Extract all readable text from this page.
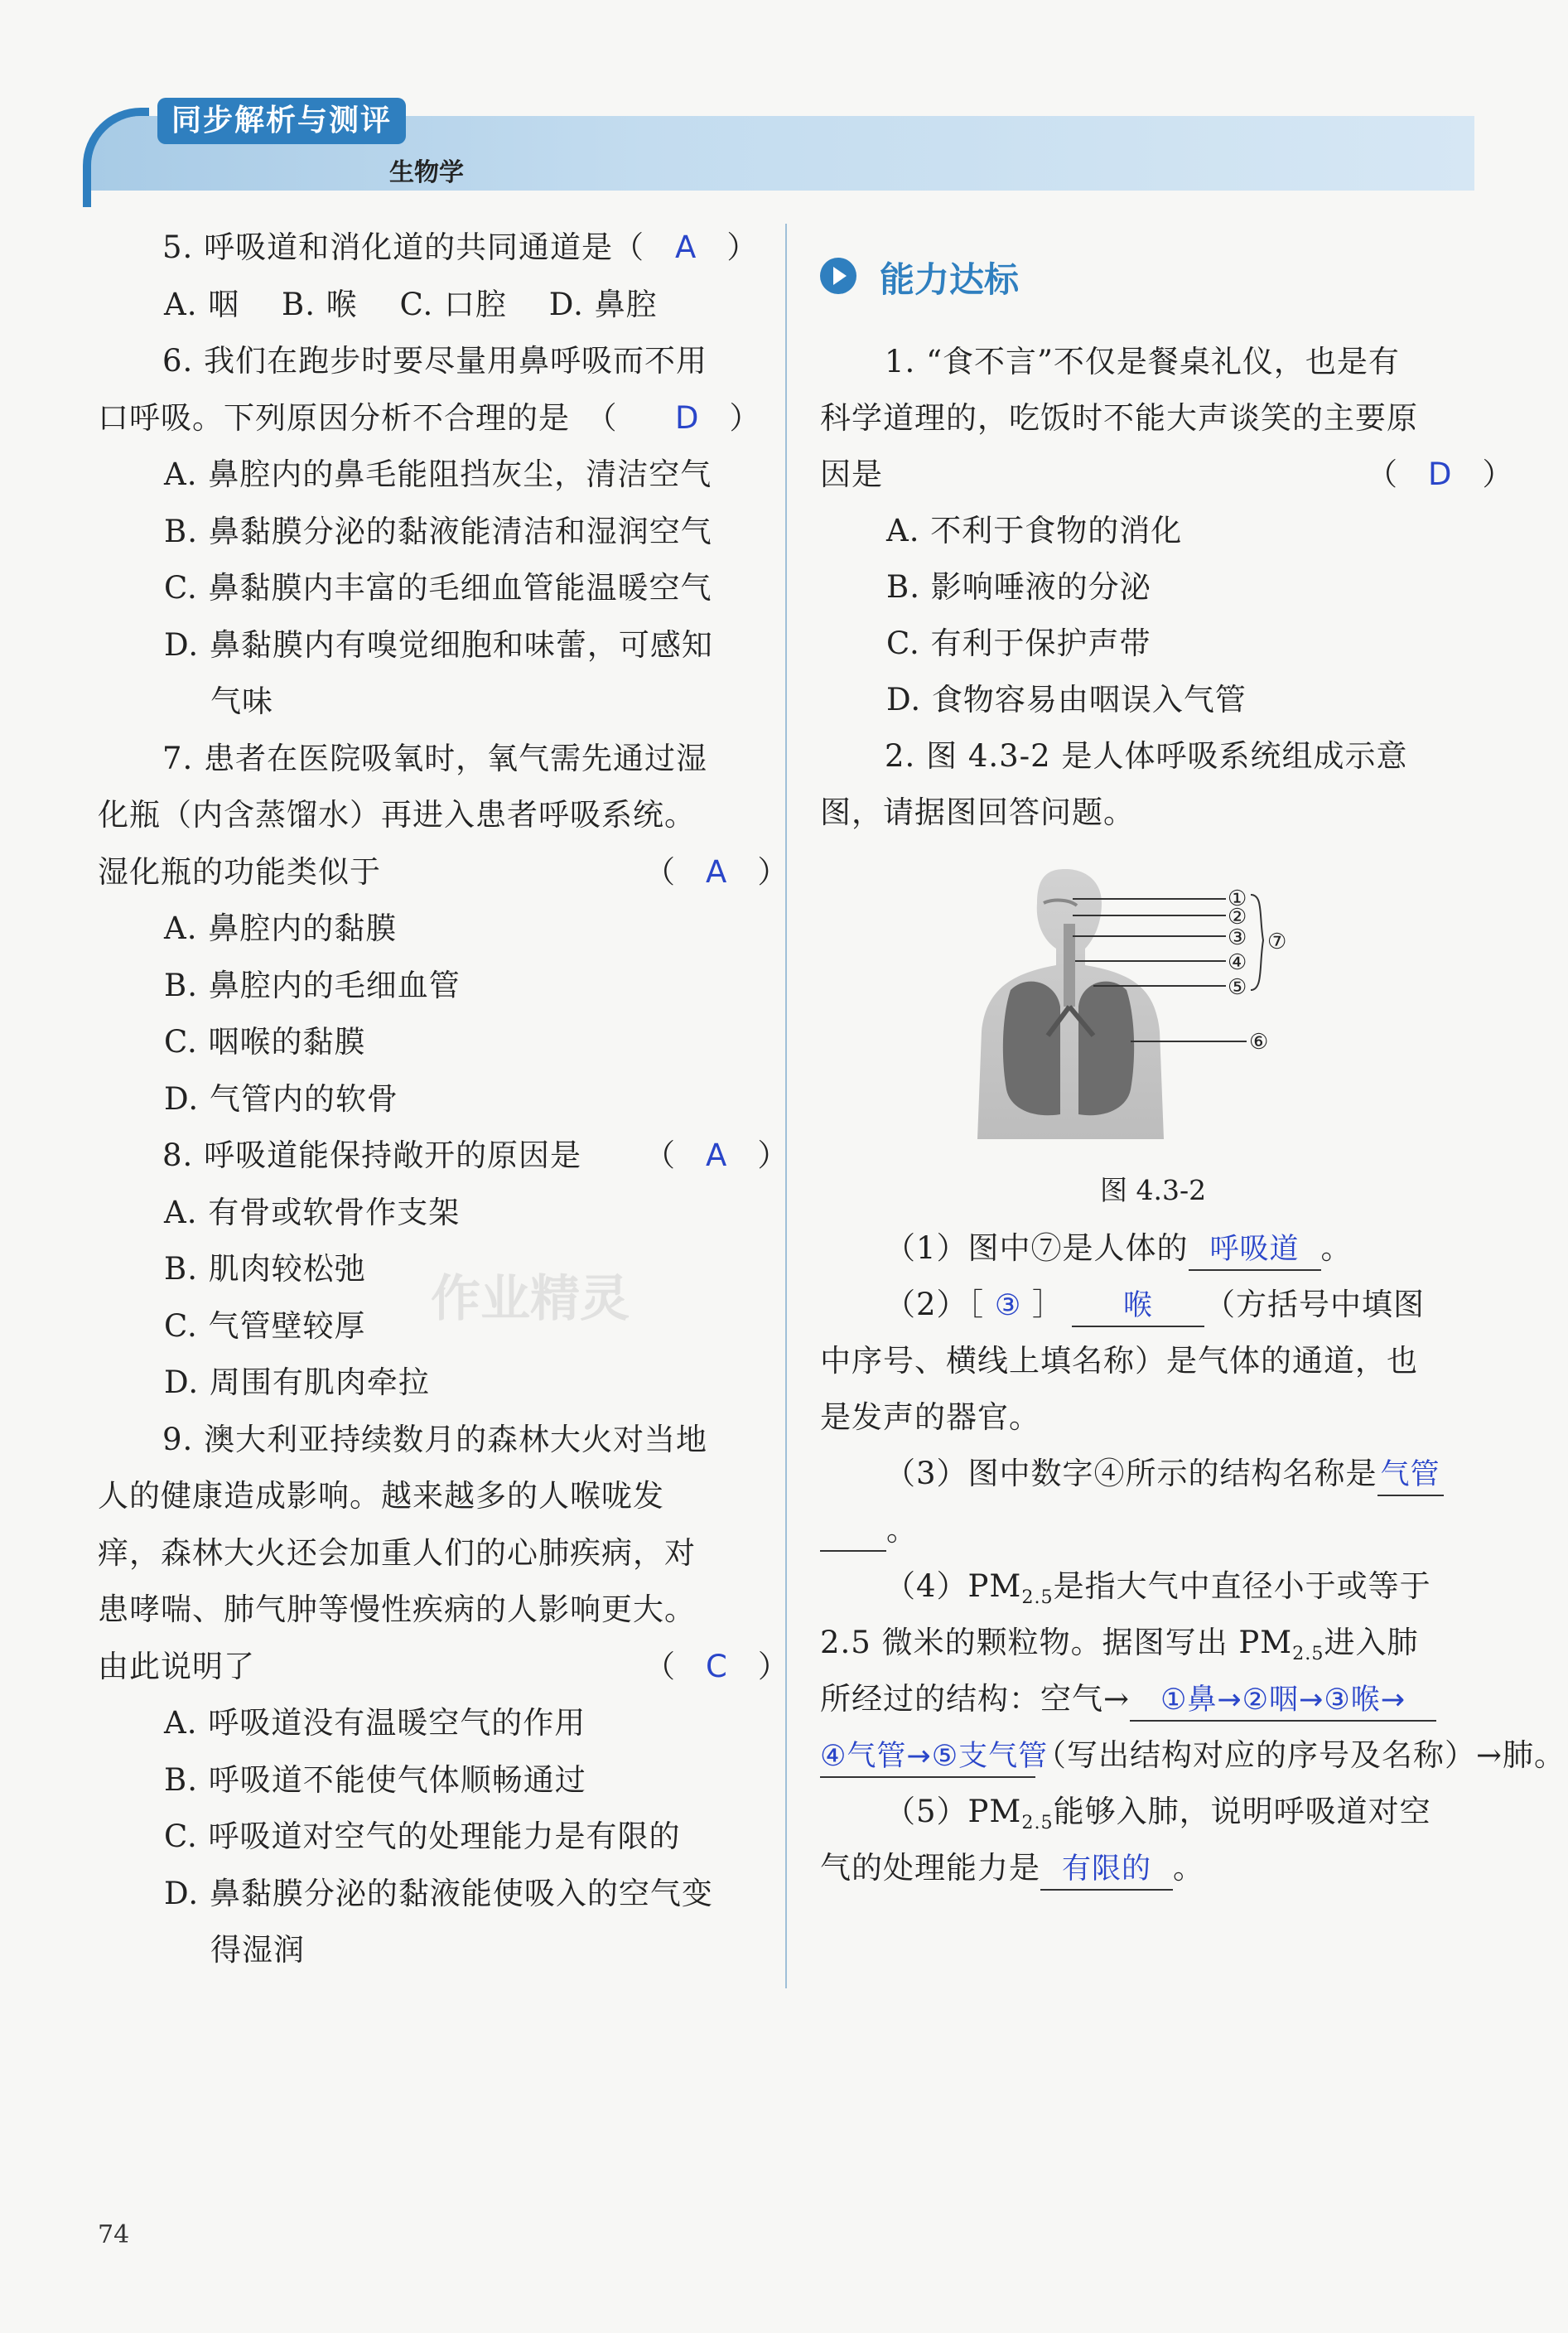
同步解析与测评
生物学
5. 呼吸道和消化道的共同通道是（
　 A　 ）
A. 咽　 B. 喉　 C. 口腔　 D. 鼻腔
6. 我们在跑步时要尽量用鼻呼吸而不用
口呼吸。下列原因分析不合理的是　（
　	D　 ）
A. 鼻腔内的鼻毛能阻挡灰尘，清洁空气
B. 鼻黏膜分泌的黏液能清洁和湿润空气
C. 鼻黏膜内丰富的毛细血管能温暖空气
D. 鼻黏膜内有嗅觉细胞和味蕾，可感知
气味
7. 患者在医院吸氧时，氧气需先通过湿
化瓶（内含蒸馏水）再进入患者呼吸系统。
湿化瓶的功能类似于	（　A　 ）
A. 鼻腔内的黏膜
B. 鼻腔内的毛细血管
C. 咽喉的黏膜
D. 气管内的软骨
8. 呼吸道能保持敞开的原因是 （　A　 ）
A. 有骨或软骨作支架
B. 肌肉较松弛
C. 气管壁较厚
D. 周围有肌肉牵拉
9. 澳大利亚持续数月的森林大火对当地
人的健康造成影响。越来越多的人喉咙发
痒，森林大火还会加重人们的心肺疾病，对
患哮喘、肺气肿等慢性疾病的人影响更大。
由此说明了	（　C　 ）
A. 呼吸道没有温暖空气的作用
B. 呼吸道不能使气体顺畅通过
C. 呼吸道对空气的处理能力是有限的
D. 鼻黏膜分泌的黏液能使吸入的空气变
得湿润
能力达标
1. “食不言”不仅是餐桌礼仪，也是有
科学道理的，吃饭时不能大声谈笑的主要原
因是	（　D　）
A. 不利于食物的消化
B. 影响唾液的分泌
C. 有利于保护声带
D. 食物容易由咽误入气管
2. 图 4.3-2 是人体呼吸系统组成示意
图，请据图回答问题。
①
②
③
④
⑤
⑥
⑦
图 4.3-2
（1）图中⑦是人体的 呼吸道 。
（2）［ ③ ］ 喉 （方括号中填图
中序号、横线上填名称）是气体的通道，也
是发声的器官。
（3）图中数字④所示的结构名称是 气管
。
$(4)PM_{2.5}$是指大气中直径小于或等于
2.5 微米的颗粒物。据图写出 $PM_{2.5}$进入肺
所经过的结构：空气→ ①鼻→②咽→③喉→
④气管→⑤支气管（写出结构对应的序号及名称）→肺。
$(5)PM_{2.5}$能够入肺，说明呼吸道对空
气的处理能力是 有限的 。
作业精灵
74
